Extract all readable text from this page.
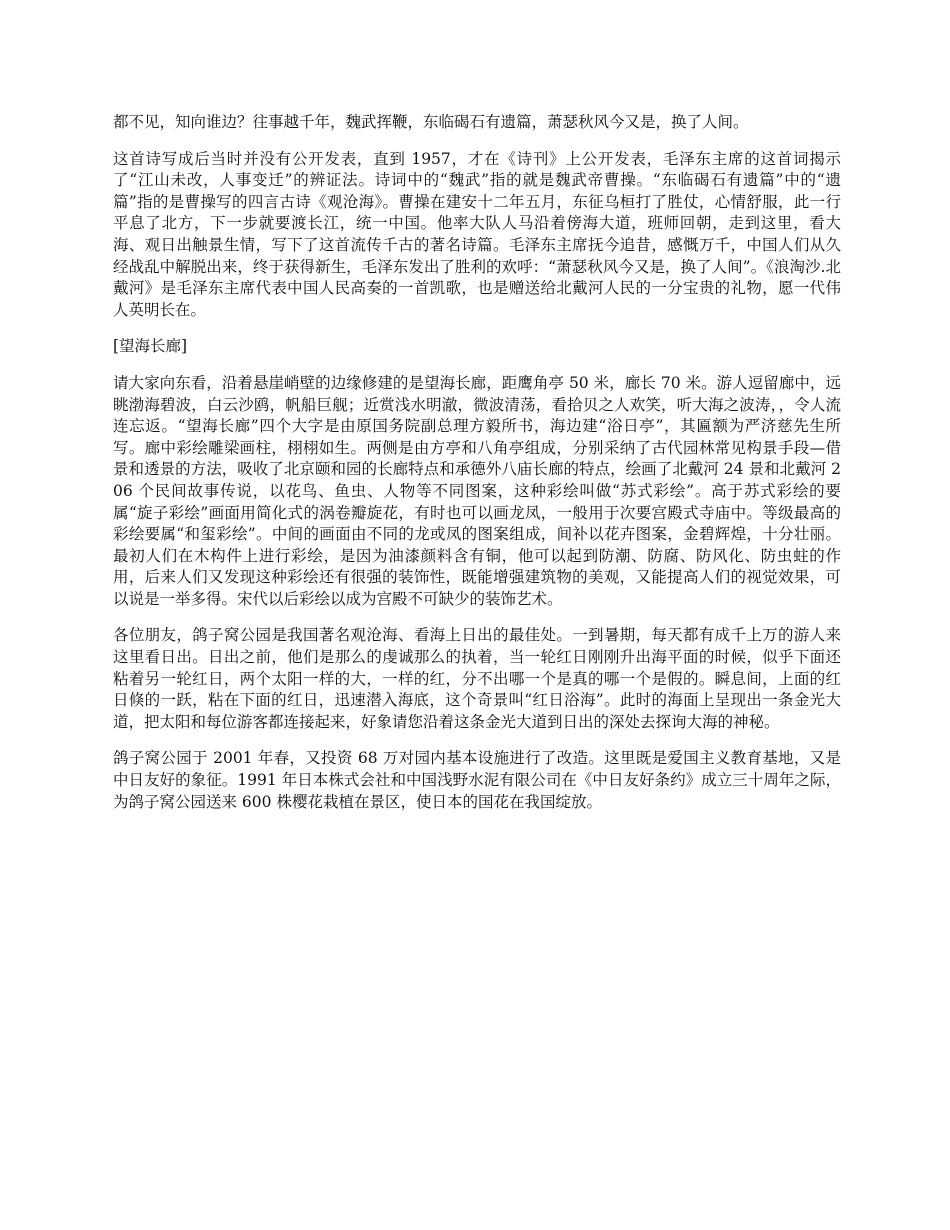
都不见，知向谁边？往事越千年，魏武挥鞭，东临碣石有遗篇，萧瑟秋风今又是，换了人间。

这首诗写成后当时并没有公开发表，直到 1957，才在《诗刊》上公开发表，毛泽东主席的这首词揭示了“江山未改，人事变迁”的辨证法。诗词中的“魏武”指的就是魏武帝曹操。“东临碣石有遗篇”中的“遗篇”指的是曹操写的四言古诗《观沧海》。曹操在建安十二年五月，东征乌桓打了胜仗，心情舒服，此一行平息了北方，下一步就要渡长江，统一中国。他率大队人马沿着傍海大道，班师回朝，走到这里，看大海、观日出触景生情，写下了这首流传千古的著名诗篇。毛泽东主席抚今追昔，感慨万千，中国人们从久经战乱中解脱出来，终于获得新生，毛泽东发出了胜利的欢呼：“萧瑟秋风今又是，换了人间”。《浪淘沙.北戴河》是毛泽东主席代表中国人民高奏的一首凯歌，也是赠送给北戴河人民的一分宝贵的礼物，愿一代伟人英明长在。

[望海长廊]

请大家向东看，沿着悬崖峭壁的边缘修建的是望海长廊，距鹰角亭 50 米，廊长 70 米。游人逗留廊中，远眺渤海碧波，白云沙鸥，帆船巨舰；近赏浅水明澈，微波清荡，看拾贝之人欢笑，听大海之波涛，，令人流连忘返。“望海长廊”四个大字是由原国务院副总理方毅所书，海边建“浴日亭”，其匾额为严济慈先生所写。廊中彩绘雕梁画柱，栩栩如生。两侧是由方亭和八角亭组成，分别采纳了古代园林常见构景手段—借景和透景的方法，吸收了北京颐和园的长廊特点和承德外八庙长廊的特点，绘画了北戴河 24 景和北戴河 206 个民间故事传说，以花鸟、鱼虫、人物等不同图案，这种彩绘叫做“苏式彩绘”。高于苏式彩绘的要属“旋子彩绘”画面用简化式的涡卷瓣旋花，有时也可以画龙凤，一般用于次要宫殿式寺庙中。等级最高的彩绘要属“和玺彩绘”。中间的画面由不同的龙或凤的图案组成，间补以花卉图案，金碧辉煌，十分壮丽。最初人们在木构件上进行彩绘，是因为油漆颜料含有铜，他可以起到防潮、防腐、防风化、防虫蛀的作用，后来人们又发现这种彩绘还有很强的装饰性，既能增强建筑物的美观，又能提高人们的视觉效果，可以说是一举多得。宋代以后彩绘以成为宫殿不可缺少的装饰艺术。

各位朋友，鸽子窝公园是我国著名观沧海、看海上日出的最佳处。一到暑期，每天都有成千上万的游人来这里看日出。日出之前，他们是那么的虔诚那么的执着，当一轮红日刚刚升出海平面的时候，似乎下面还粘着另一轮红日，两个太阳一样的大，一样的红，分不出哪一个是真的哪一个是假的。瞬息间，上面的红日倏的一跃，粘在下面的红日，迅速潜入海底，这个奇景叫“红日浴海”。此时的海面上呈现出一条金光大道，把太阳和每位游客都连接起来，好象请您沿着这条金光大道到日出的深处去探询大海的神秘。

鸽子窝公园于 2001 年春，又投资 68 万对园内基本设施进行了改造。这里既是爱国主义教育基地，又是中日友好的象征。1991 年日本株式会社和中国浅野水泥有限公司在《中日友好条约》成立三十周年之际，为鸽子窝公园送来 600 株樱花栽植在景区，使日本的国花在我国绽放。
